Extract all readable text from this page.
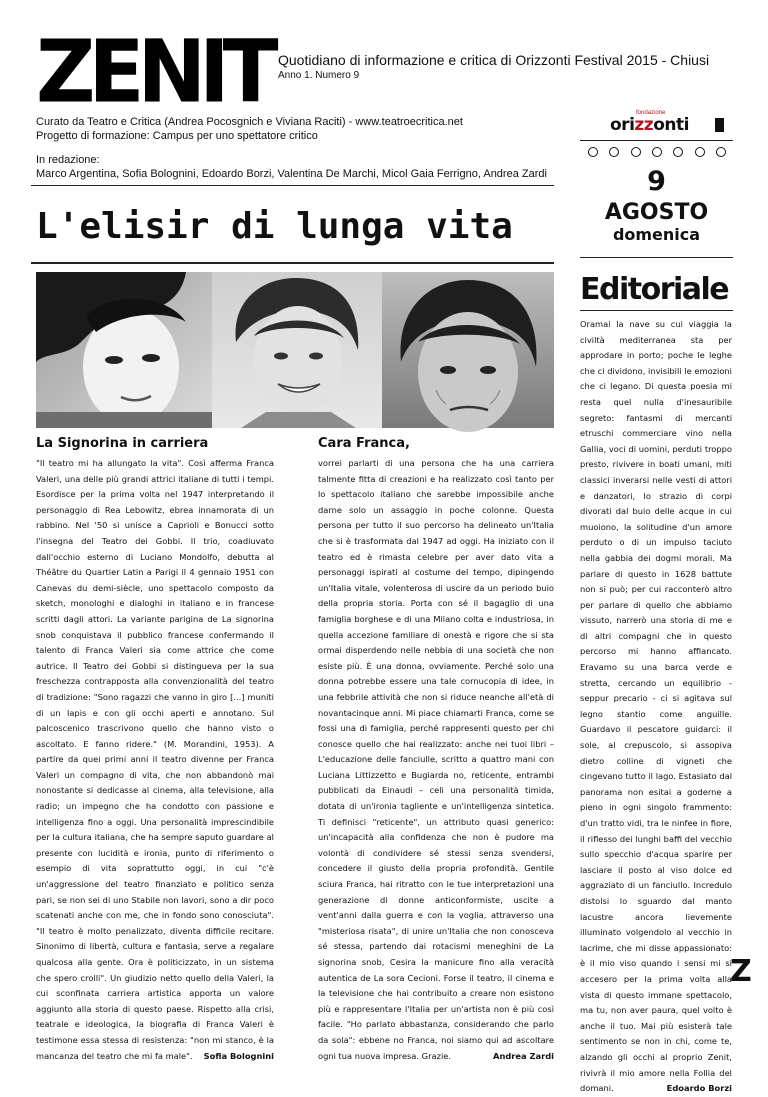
ZENIT Quotidiano di informazione e critica di Orizzonti Festival 2015 - Chiusi
Anno 1. Numero 9
Curato da Teatro e Critica (Andrea Pocosgnich e Viviana Raciti) - www.teatroecritica.net
Progetto di formazione: Campus per uno spettatore critico
fondazione
orizzonti
In redazione:
Marco Argentina, Sofia Bolognini, Edoardo Borzi, Valentina De Marchi, Micol Gaia Ferrigno, Andrea Zardi
L'elisir di lunga vita
9
AGOSTO
domenica
La Signorina in carriera
"Il teatro mi ha allungato la vita". Così afferma Franca Valeri, una delle più grandi attrici italiane di tutti i tempi. Esordisce per la prima volta nel 1947 interpretando il personaggio di Rea Lebowitz, ebrea innamorata di un rabbino. Nel '50 si unisce a Caprioli e Bonucci sotto l'insegna del Teatro dei Gobbi. Il trio, coadiuvato dall'occhio esterno di Luciano Mondolfo, debutta al Théâtre du Quartier Latin a Parigi il 4 gennaio 1951 con Canevas du demi-siècle, uno spettacolo composto da sketch, monologhi e dialoghi in italiano e in francese scritti dagli attori. La variante parigina de La signorina snob conquistava il pubblico francese confermando il talento di Franca Valeri sia come attrice che come autrice. Il Teatro dei Gobbi si distingueva per la sua freschezza contrapposta alla convenzionalità del teatro di tradizione: "Sono ragazzi che vanno in giro [...] muniti di un lapis e con gli occhi aperti e annotano. Sul palcoscenico trascrivono quello che hanno visto o ascoltato. E fanno ridere." (M. Morandini, 1953). A partire da quei primi anni il teatro divenne per Franca Valeri un compagno di vita, che non abbandonò mai nonostante si dedicasse al cinema, alla televisione, alla radio; un impegno che ha condotto con passione e intelligenza fino a oggi. Una personalità imprescindibile per la cultura italiana, che ha sempre saputo guardare al presente con lucidità e ironia, punto di riferimento o esempio di vita soprattutto oggi, in cui "c'è un'aggressione del teatro finanziato e politico senza pari, se non sei di uno Stabile non lavori, sono a dir poco scatenati anche con me, che in fondo sono conosciuta". "Il teatro è molto penalizzato, diventa difficile recitare. Sinonimo di libertà, cultura e fantasia, serve a regalare qualcosa alla gente. Ora è politicizzato, in un sistema che spero crolli". Un giudizio netto quello della Valeri, la cui sconfinata carriera artistica apporta un valore aggiunto alla storia di questo paese. Rispetto alla crisi, teatrale e ideologica, la biografia di Franca Valeri è testimone essa stessa di resistenza: "non mi stanco, è la mancanza del teatro che mi fa male". Sofia Bolognini
Cara Franca,
vorrei parlarti di una persona che ha una carriera talmente fitta di creazioni e ha realizzato così tanto per lo spettacolo italiano che sarebbe impossibile anche darne solo un assaggio in poche colonne. Questa persona per tutto il suo percorso ha delineato un'Italia che si è trasformata dal 1947 ad oggi. Ha iniziato con il teatro ed è rimasta celebre per aver dato vita a personaggi ispirati al costume del tempo, dipingendo un'Italia vitale, volenterosa di uscire da un periodo buio della propria storia. Porta con sé il bagaglio di una famiglia borghese e di una Milano colta e industriosa, in quella accezione familiare di onestà e rigore che si sta ormai disperdendo nelle nebbia di una società che non esiste più. È una donna, ovviamente. Perché solo una donna potrebbe essere una tale cornucopia di idee, in una febbrile attività che non si riduce neanche all'età di novantacinque anni. Mi piace chiamarti Franca, come se fossi una di famiglia, perché rappresenti questo per chi conosce quello che hai realizzato: anche nei tuoi libri – L'educazione delle fanciulle, scritto a quattro mani con Luciana Littizzetto e Bugiarda no, reticente, entrambi pubblicati da Einaudi – celi una personalità timida, dotata di un'ironia tagliente e un'intelligenza sintetica. Ti definisci "reticente", un attributo quasi generico: un'incapacità alla confidenza che non è pudore ma volontà di condividere sé stessi senza svendersi, concedere il giusto della propria profondità. Gentile sciura Franca, hai ritratto con le tue interpretazioni una generazione di donne anticonformiste, uscite a vent'anni dalla guerra e con la voglia, attraverso una "misteriosa risata", di unire un'Italia che non conosceva sé stessa, partendo dai rotacismi meneghini de La signorina snob, Cesira la manicure fino alla veracità autentica de La sora Cecioni. Forse il teatro, il cinema e la televisione che hai contribuito a creare non esistono più e rappresentare l'Italia per un'artista non è più così facile. "Ho parlato abbastanza, considerando che parlo da sola": ebbene no Franca, noi siamo qui ad ascoltare ogni tua nuova impresa. Grazie.	Andrea Zardi
Editoriale
Oramai la nave su cui viaggia la civiltà mediterranea sta per approdare in porto; poche le leghe che ci dividono, invisibili le emozioni che ci legano. Di questa poesia mi resta quel nulla d'inesauribile segreto: fantasmi di mercanti etruschi commerciare vino nella Gallia, voci di uomini, perduti troppo presto, rivivere in boati umani, miti classici inverarsi nelle vesti di attori e danzatori, lo strazio di corpi divorati dal buio delle acque in cui muoiono, la solitudine d'un amore perduto o di un impulso taciuto nella gabbia dei dogmi morali. Ma parlare di questo in 1628 battute non si può; per cui racconterò altro per parlare di quello che abbiamo vissuto, narrerò una storia di me e di altri compagni che in questo percorso mi hanno affiancato. Eravamo su una barca verde e stretta, cercando un equilibrio - seppur precario - ci si agitava sul legno stantio come anguille. Guardavo il pescatore guidarci: il sole, al crepuscolo, si assopiva dietro colline di vigneti che cingevano tutto il lago. Estasiato dal panorama non esitai a goderne a pieno in ogni singolo frammento: d'un tratto vidi, tra le ninfee in fiore, il riflesso dei lunghi baffi del vecchio sullo specchio d'acqua sparire per lasciare il posto al viso dolce ed aggraziato di un fanciullo. Incredulo distolsi lo sguardo dal manto lacustre ancora lievemente illuminato volgendolo al vecchio in lacrime, che mi disse appassionato: è il mio viso quando i sensi mi si accesero per la prima volta alla vista di questo immane spettacolo, ma tu, non aver paura, quel volto è anche il tuo. Mai più esisterà tale sentimento se non in chi, come te, alzando gli occhi al proprio Zenit, rivivrà il mio amore nella Follia del domani.	Edoardo Borzi
Z
